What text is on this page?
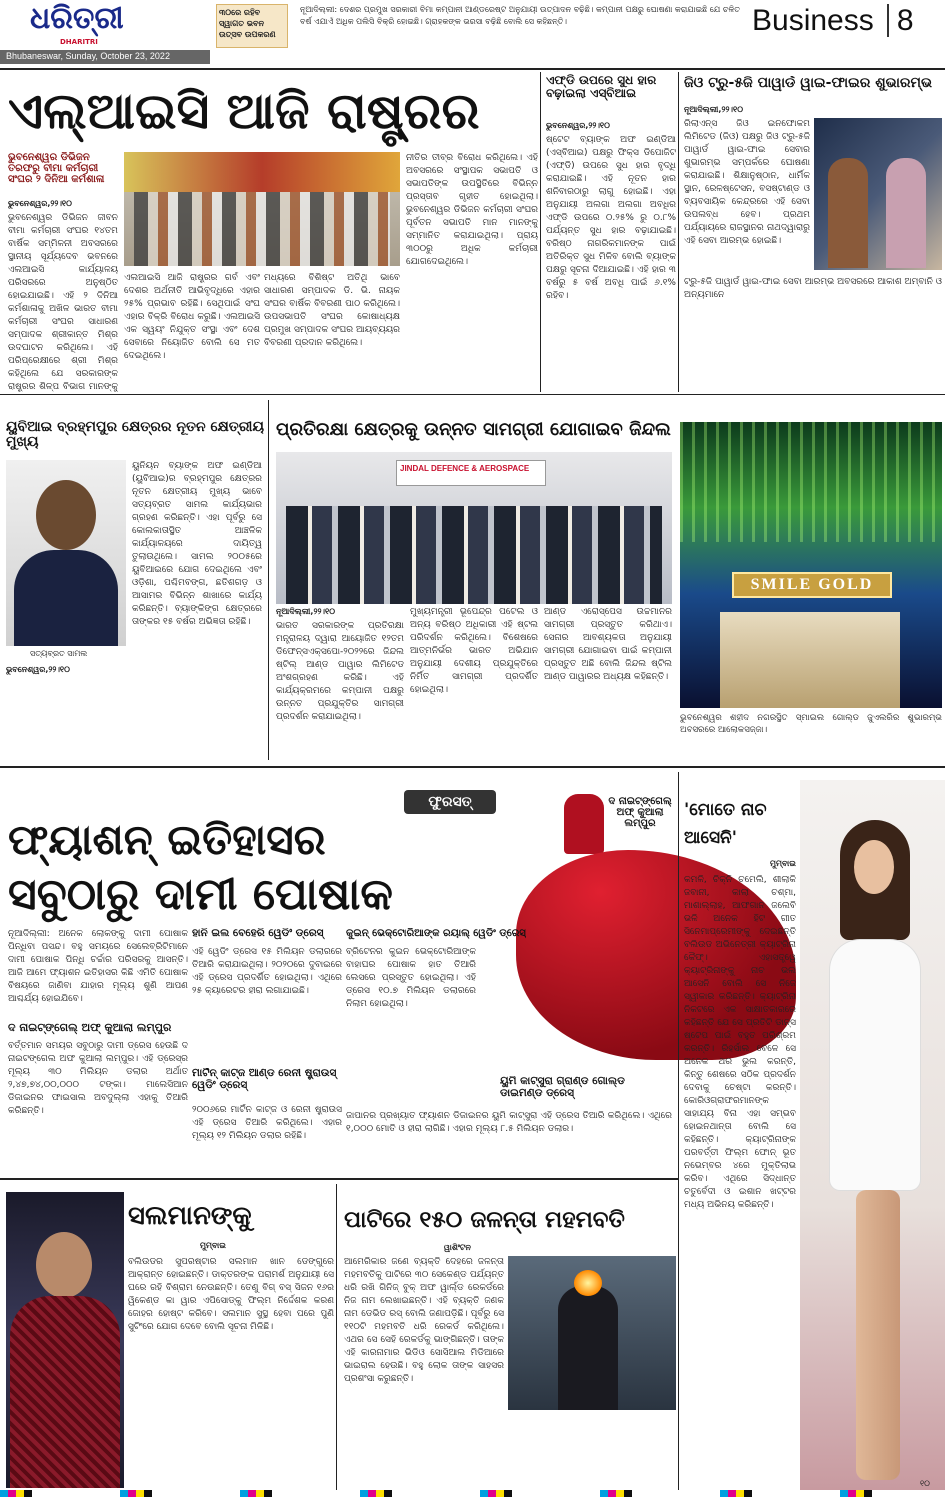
ଧରିତ୍ରୀ
DHARITRI
୩୦ରେ ରହିବ ସ୍ୱାଗତ ଭବନ ଉତ୍ସବ ଉପକରଣ
ନୂଆଦିଲ୍ଲୀ: ଦେଶର ପ୍ରମୁଖ ସରକାରୀ ବିମା କମ୍ପାନୀ ଆଣ୍ଡରେଷ୍ଟ ଅନୁଯାୟୀ ଉତ୍ପାଦନ ବଢ଼ିଛି। କମ୍ପାନୀ ପକ୍ଷରୁ ଘୋଷଣା କରାଯାଇଛି ଯେ ଚଳିତ ବର୍ଷ ଏଯାଏଁ ଅଧିକ ପଲିସି ବିକ୍ରି ହୋଇଛି। ଗ୍ରାହକଙ୍କ ଭରସା ବଢ଼ିଛି ବୋଲି ସେ କହିଛନ୍ତି।
Bhubaneswar, Sunday, October 23, 2022
Business 8
ଏଲ୍ଆଇସି ଆଜି ରାଷ୍ଟ୍ରର
ଭୁବନେଶ୍ୱର ଡିଭିଜନ ତରଫରୁ ବୀମା କର୍ମଚାରୀ ସଂଘର ୨ ଦିନିଆ କର୍ମଶାଳା
ଭୁବନେଶ୍ୱର,୨୨।୧୦
ଭୁବନେଶ୍ୱର ଡିଭିଜନ ଜୀବନ ବୀମା କର୍ମଚାରୀ ସଂଘର ୧୪ତମ ବାର୍ଷିକ ସମ୍ମିଳନୀ ଅବସରରେ ସ୍ଥାନୀୟ ସୂର୍ଯ୍ୟଦେବ ଭବନରେ ଏଲଆଇସି କାର୍ଯ୍ୟାଳୟ ପରିସରରେ ଅନୁଷ୍ଠିତ ହୋଇଯାଇଛି। ଏହି ୨ ଦିନିଆ କର୍ମଶାଳାକୁ ଅଖିଳ ଭାରତ ବୀମା କର୍ମଚାରୀ ସଂଘର ସାଧାରଣ ସମ୍ପାଦକ ଶ୍ରୀକାନ୍ତ ମିଶ୍ର ଉଦଘାଟନ କରିଥିଲେ। ଏହି ପରିପ୍ରେକ୍ଷୀରେ ଶ୍ରୀ ମିଶ୍ର କହିଥିଲେ ଯେ ସରକାରଙ୍କ ରାଷ୍ଟ୍ରର ଶିଳ୍ପ ବିଭାଗ ମାନଙ୍କୁ
ଏଲଆଇସି ଆଜି ରାଷ୍ଟ୍ରର ଗର୍ବ ଏବଂ ଦେଶର ଅର୍ଥନୀତି ଆଭିବୃଦ୍ଧିରେ ଏହାର ୨୫% ପ୍ରଭାବ ରହିଛି। ସେଥିପାଇଁ ସଂଘ ଏହାର ବିକ୍ରି ବିରୋଧ କରୁଛି। ଏଲଆଇସି ଏକ ସ୍ୱୟଂ ନିଯୁକ୍ତ ସଂସ୍ଥା ଏବଂ ଦେଶ ସେବାରେ ନିୟୋଜିତ ବୋଲି ସେ ମତ ଦେଇଥିଲେ।
ମଧ୍ୟରେ ବିଶିଷ୍ଟ ଅତିଥି ଭାବେ ସାଧାରଣ ସମ୍ପାଦକ ଡି. ଭି. ନାୟକ ସଂଘର ବାର୍ଷିକ ବିବରଣୀ ପାଠ କରିଥିଲେ। ଉପସଭାପତି ସଂଘର କୋଷାଧ୍ୟକ୍ଷ ପ୍ରମୁଖ ସମ୍ପାଦକ ସଂଘର ଆୟବ୍ୟୟର ବିବରଣୀ ପ୍ରଦାନ କରିଥିଲେ।
ନୀତିର ତୀବ୍ର ବିରୋଧ କରିଥିଲେ। ଏହି ଅବସରରେ ସଂସ୍ଥାପକ ସଭାପତି ଓ ସଭାପତିଙ୍କ ଉପସ୍ଥିତିରେ ବିଭିନ୍ନ ପ୍ରସ୍ତାବ ଗୃହୀତ ହୋଇଥିଲା। ଭୁବନେଶ୍ୱର ଡିଭିଜନ କର୍ମଚାରୀ ସଂଘର ପୂର୍ବତନ ସଭାପତି ମାନ ମାନଙ୍କୁ ସମ୍ମାନିତ କରାଯାଇଥିଲା। ପ୍ରାୟ ୩୦୦ରୁ ଅଧିକ କର୍ମଚାରୀ ଯୋଗଦେଇଥିଲେ।
ଏଫ୍‌ଡି ଉପରେ ସୁଧ ହାର ବଢ଼ାଇଲା ଏସ୍‌ବିଆଇ
ଭୁବନେଶ୍ୱର,୨୨।୧୦
ଷ୍ଟେଟ ବ୍ୟାଙ୍କ ଅଫ ଇଣ୍ଡିଆ (ଏସ୍‌ବିଆଇ) ପକ୍ଷରୁ ଫିକ୍ସ ଡିପୋଜିଟ (ଏଫ୍‌ଡି) ଉପରେ ସୁଧ ହାର ବୃଦ୍ଧି କରାଯାଇଛି। ଏହି ନୂତନ ହାର ଶନିବାରଠାରୁ ଲାଗୁ ହୋଇଛି। ଏହା ଅନୁଯାୟୀ ଅଲଗା ଅଲଗା ଅବଧିର ଏଫ୍‌ଡି ଉପରେ ୦.୨୫% ରୁ ୦.୮% ପର୍ଯ୍ୟନ୍ତ ସୁଧ ହାର ବଢ଼ାଯାଇଛି। ବରିଷ୍ଠ ନାଗରିକମାନଙ୍କ ପାଇଁ ଅତିରିକ୍ତ ସୁଧ ମିଳିବ ବୋଲି ବ୍ୟାଙ୍କ ପକ୍ଷରୁ ସୂଚନା ଦିଆଯାଇଛି। ଏହି ହାର ୩ ବର୍ଷରୁ ୫ ବର୍ଷ ଅବଧି ପାଇଁ ୬.୧% ରହିବ।
ଜିଓ ଟ୍ରୁ-୫ଜି ପାୱାର୍ଡ ୱାଇ-ଫାଇର ଶୁଭାରମ୍ଭ
ନୂଆଦିଲ୍ଲୀ,୨୨।୧୦
ରିଲାଏନ୍ସ ଜିଓ ଇନଫୋକମ ଲିମିଟେଡ (ଜିଓ) ପକ୍ଷରୁ ଜିଓ ଟ୍ରୁ-୫ଜି ପାୱାର୍ଡ ୱାଇ-ଫାଇ ସେବାର ଶୁଭାରମ୍ଭ ସମ୍ପର୍କରେ ଘୋଷଣା କରାଯାଇଛି। ଶିକ୍ଷାନୁଷ୍ଠାନ, ଧାର୍ମିକ ସ୍ଥାନ, ରେଳଷ୍ଟେସନ, ବସଷ୍ଟାଣ୍ଡ ଓ ବ୍ୟବସାୟିକ କେନ୍ଦ୍ରରେ ଏହି ସେବା ଉପଲବ୍ଧ ହେବ। ପ୍ରଥମ ପର୍ଯ୍ୟାୟରେ ରାଜସ୍ଥାନର ନାଥଦ୍ୱାରାରୁ ଏହି ସେବା ଆରମ୍ଭ ହୋଇଛି।
ଟ୍ରୁ-୫ଜି ପାୱାର୍ଡ ୱାଇ-ଫାଇ ସେବା ଆରମ୍ଭ ଅବସରରେ ଆକାଶ ଅମ୍ବାନି ଓ ଅନ୍ୟମାନେ
ୟୁବିଆଇ ବ୍ରହ୍ମପୁର କ୍ଷେତ୍ରର ନୂତନ କ୍ଷେତ୍ରୀୟ ମୁଖ୍ୟ
ସତ୍ୟବ୍ରତ ସାମଲ
ଭୁବନେଶ୍ୱର,୨୨।୧୦
ୟୁନିୟନ ବ୍ୟାଙ୍କ ଅଫ ଇଣ୍ଡିଆ (ୟୁବିଆଇ)ର ବ୍ରହ୍ମପୁର କ୍ଷେତ୍ରର ନୂତନ କ୍ଷେତ୍ରୀୟ ମୁଖ୍ୟ ଭାବେ ସତ୍ୟବ୍ରତ ସାମଲ କାର୍ଯ୍ୟଭାର ଗ୍ରହଣ କରିଛନ୍ତି। ଏହା ପୂର୍ବରୁ ସେ କୋଲକାତାସ୍ଥିତ ଆଞ୍ଚଳିକ କାର୍ଯ୍ୟାଳୟରେ ଦାୟିତ୍ୱ ତୁଲାଉଥିଲେ। ସାମଲ ୨୦୦୫ରେ ୟୁବିଆଇରେ ଯୋଗ ଦେଇଥିଲେ ଏବଂ ଓଡ଼ିଶା, ପଶ୍ଚିମବଙ୍ଗ, ଛତିଶଗଡ଼ ଓ ଆସାମର ବିଭିନ୍ନ ଶାଖାରେ କାର୍ଯ୍ୟ କରିଛନ୍ତି। ବ୍ୟାଙ୍କିଙ୍ଗ କ୍ଷେତ୍ରରେ ତାଙ୍କର ୧୫ ବର୍ଷର ଅଭିଜ୍ଞତା ରହିଛି।
ପ୍ରତିରକ୍ଷା କ୍ଷେତ୍ରକୁ ଉନ୍ନତ ସାମଗ୍ରୀ ଯୋଗାଇବ ଜିନ୍ଦଲ
JINDAL DEFENCE & AEROSPACE
ନୂଆଦିଲ୍ଲୀ,୨୨।୧୦
ଭାରତ ସରକାରଙ୍କ ପ୍ରତିରକ୍ଷା ମନ୍ତ୍ରାଳୟ ଦ୍ୱାରା ଆୟୋଜିତ ୧୨ତମ ଡିଫେନ୍ସଏକ୍ସପୋ-୨୦୨୨ରେ ଜିନ୍ଦଲ ଷ୍ଟିଲ୍ ଆଣ୍ଡ ପାୱାର ଲିମିଟେଡ ଅଂଶଗ୍ରହଣ କରିଛି। ଏହି କାର୍ଯ୍ୟକ୍ରମରେ କମ୍ପାନୀ ପକ୍ଷରୁ ଉନ୍ନତ ପ୍ରଯୁକ୍ତିର ସାମଗ୍ରୀ ପ୍ରଦର୍ଶନ କରାଯାଇଥିଲା।
ମୁଖ୍ୟମନ୍ତ୍ରୀ ଭୂପେନ୍ଦ୍ର ପଟେଲ ଓ ଅନ୍ୟ ବରିଷ୍ଠ ଅଧିକାରୀ ଏହି ଷ୍ଟଲ ପରିଦର୍ଶନ କରିଥିଲେ। ବିଶେଷରେ ଆତ୍ମନିର୍ଭର ଭାରତ ଅଭିଯାନ ଅନୁଯାୟୀ ଦେଶୀୟ ପ୍ରଯୁକ୍ତିରେ ନିର୍ମିତ ସାମଗ୍ରୀ ପ୍ରଦର୍ଶିତ ହୋଇଥିଲା।
ଆଣ୍ଡ ଏରୋସ୍ପେସ ଉଚ୍ଚମାନର ସାମଗ୍ରୀ ପ୍ରସ୍ତୁତ କରିଥାଏ। ସେନାର ଆବଶ୍ୟକତା ଅନୁଯାୟୀ ସାମଗ୍ରୀ ଯୋଗାଇବା ପାଇଁ କମ୍ପାନୀ ପ୍ରସ୍ତୁତ ଅଛି ବୋଲି ଜିନ୍ଦଲ ଷ୍ଟିଲ ଆଣ୍ଡ ପାୱାରର ଅଧ୍ୟକ୍ଷ କହିଛନ୍ତି।
SMILE GOLD
ଭୁବନେଶ୍ୱର ଶହୀଦ ନଗରସ୍ଥିତ ସ୍ମାଇଲ ଗୋଲ୍ଡ ଜୁଏଲରିର ଶୁଭାରମ୍ଭ ଅବସରରେ ଆଲୋକସଜ୍ଜା।
ଫୁରସତ୍
ଫ୍ୟାଶନ୍ ଇତିହାସର
ସବୁଠାରୁ ଦାମୀ ପୋଷାକ
ଦ ନାଇଟ୍‌ଙ୍ଗେଲ୍ ଅଫ୍ କୁଆଲା ଲମ୍ପୁର
ନୂଆଦିଲ୍ଲୀ: ଅନେକ ଲୋକଙ୍କୁ ଦାମୀ ପୋଷାକ ପିନ୍ଧିବା ପସନ୍ଦ। ବହୁ ସମୟରେ ସେଲେବ୍ରିଟିମାନେ ଦାମୀ ପୋଷାକ ପିନ୍ଧି ଚର୍ଚ୍ଚାର ପରିସରକୁ ଆସନ୍ତି। ଆଜି ଆମେ ଫ୍ୟାଶନ ଇତିହାସର କିଛି ଏମିତି ପୋଷାକ ବିଷୟରେ ଜାଣିବା ଯାହାର ମୂଲ୍ୟ ଶୁଣି ଆପଣ ଆଶ୍ଚର୍ଯ୍ୟ ହୋଇଯିବେ।
ଦ ନାଇଟ୍‌ଙ୍ଗେଲ୍ ଅଫ୍ କୁଆଲା ଲମ୍ପୁର
ବର୍ତ୍ତମାନ ସମୟର ସବୁଠାରୁ ଦାମୀ ଡ୍ରେସ ହେଉଛି ଦ ନାଇଟଙ୍ଗେଲ ଅଫ କୁଆଲା ଲମ୍ପୁର। ଏହି ଡ୍ରେସ୍‌ର ମୂଲ୍ୟ ୩୦ ମିଲିୟନ ଡଲାର ଅର୍ଥାତ ୨,୪୭,୭୪,୦୦,୦୦୦ ଟଙ୍କା। ମାଲେସିଆନ ଡିଜାଇନର ଫାଇସାଲ ଅବଦୁଲ୍ଲା ଏହାକୁ ତିଆରି କରିଛନ୍ତି।
ହାନି ଇଲ ବେହେରି ୱେଡିଂ ଡ୍ରେସ୍
ଏହି ୱେଡିଂ ଡ୍ରେସ ୧୫ ମିଲିୟନ ଡଲାରରେ ତିଆରି କରାଯାଇଥିଲା। ୨୦୨୦ରେ ଦୁବାଇରେ ଏହି ଡ୍ରେସ ପ୍ରଦର୍ଶିତ ହୋଇଥିଲା। ଏଥିରେ ୨୫ କ୍ୟାରେଟର ହୀରା ଲଗାଯାଇଛି।
ମାର୍ଟିନ୍ କାଟ୍ଜ ଆଣ୍ଡ ରେନୀ ଷ୍ଟ୍ରାଉସ୍ ୱେଡିଂ ଡ୍ରେସ୍
୨୦୦୬ରେ ମାର୍ଟିନ କାଟ୍ଜ ଓ ରେନୀ ଷ୍ଟ୍ରାଉସ ଏହି ଡ୍ରେସ ତିଆରି କରିଥିଲେ। ଏହାର ମୂଲ୍ୟ ୧୨ ମିଲିୟନ ଡଲାର ରହିଛି।
କୁଇନ୍ ଭେକ୍ଟୋରିଆଙ୍କ ରୟାଲ୍ ୱେଡିଂ ଡ୍ରେସ୍
ବ୍ରିଟେନର କୁଇନ ଭେକ୍ଟୋରିଆଙ୍କ ବାହାଘର ପୋଷାକ ହାତ ତିଆରି ଲେସରେ ପ୍ରସ୍ତୁତ ହୋଇଥିଲା। ଏହି ଡ୍ରେସ ୧୦.୭ ମିଲିୟନ ଡଲାରରେ ନିଲାମ ହୋଇଥିଲା।
ୟୁମି କାଟ୍ସୁରା ଗ୍ରାଣ୍ଡ ଗୋଲ୍ଡ ଡାଇମଣ୍ଡ ଡ୍ରେସ୍
ଜାପାନର ପ୍ରଖ୍ୟାତ ଫ୍ୟାଶନ ଡିଜାଇନର ୟୁମି କାଟ୍ସୁରା ଏହି ଡ୍ରେସ ତିଆରି କରିଥିଲେ। ଏଥିରେ ୧,୦୦୦ ମୋତି ଓ ହୀରା ଲାଗିଛି। ଏହାର ମୂଲ୍ୟ ୮.୫ ମିଲିୟନ ଡଲାର।
'ମୋତେ ନାଚ ଆସେନି'
ମୁମ୍ବାଇ
କମଳି, ଚିକ୍‌ନି ଚମେଲି, ଶୀଲାକି ଜବାନୀ, କାଲା ଚଶ୍ମା, ମାଶାଲ୍ଲାହ, ଆଫଗାନ ଜଲେବି ଭଳି ଅନେକ ହିଟ ଗୀତ ସିନେମାପ୍ରେମୀଙ୍କୁ ଦେଇଛନ୍ତି ବଲିଉଡ ଅଭିନେତ୍ରୀ କ୍ୟାଟ୍ରିନା କୈଫ୍। ଏହାସତ୍ତ୍ୱେ କ୍ୟାଟ୍ରିନାଙ୍କୁ ନାଚ ଭଲ ଆସେନି ବୋଲି ସେ ନିଜେ ସ୍ୱୀକାର କରିଛନ୍ତି। କ୍ୟାଟ୍ରିନା ନିକଟରେ ଏକ ସାକ୍ଷାତକାରରେ କହିଛନ୍ତି ଯେ ସେ ପ୍ରତିଟି ଡାନ୍ସ ଷ୍ଟେପ ପାଇଁ ବହୁତ ପରିଶ୍ରମ କରନ୍ତି। ରିହର୍ସାଲ ବେଳେ ସେ ଅନେକ ଥର ଭୁଲ କରନ୍ତି, କିନ୍ତୁ ଶେଷରେ ସଠିକ ପ୍ରଦର୍ଶନ ଦେବାକୁ ଚେଷ୍ଟା କରନ୍ତି। କୋରିଓଗ୍ରାଫରମାନଙ୍କ ସାହାଯ୍ୟ ବିନା ଏହା ସମ୍ଭବ ହୋଇନଥାନ୍ତା ବୋଲି ସେ କହିଛନ୍ତି। କ୍ୟାଟ୍ରିନାଙ୍କ ପରବର୍ତ୍ତୀ ଫିଲ୍ମ ଫୋନ୍ ଭୂତ ନଭେମ୍ବର ୪ରେ ମୁକ୍ତିଲାଭ କରିବ। ଏଥିରେ ସିଦ୍ଧାନ୍ତ ଚତୁର୍ବେଦୀ ଓ ଇଶାନ ଖଟ୍ଟର ମଧ୍ୟ ଅଭିନୟ କରିଛନ୍ତି।
ସଲମାନଙ୍କୁ
ମୁମ୍ବାଇ
ବଲିଉଡର ସୁପରଷ୍ଟାର ସଲମାନ ଖାନ ଡେଙ୍ଗୁରେ ଆକ୍ରାନ୍ତ ହୋଇଛନ୍ତି। ଡାକ୍ତରଙ୍କ ପରାମର୍ଶ ଅନୁଯାୟୀ ସେ ଘରେ ରହି ବିଶ୍ରାମ ନେଉଛନ୍ତି। ତେଣୁ ବିଗ୍ ବସ୍ ସିଜନ ୧୬ର ୱିକେଣ୍ଡ କା ୱାର ଏପିସୋଡ୍‌କୁ ଫିଲ୍ମ ନିର୍ଦ୍ଦେଶକ କରଣ ଜୋହର ହୋଷ୍ଟ କରିବେ। ସଲମାନ ସୁସ୍ଥ ହେବା ପରେ ପୁଣି ସୁଟିଂରେ ଯୋଗ ଦେବେ ବୋଲି ସୂଚନା ମିଳିଛି।
ପାଟିରେ ୧୫୦ ଜଳନ୍ତା ମହମବତି
ୱାଶିଂଟନ
ଆମେରିକାର ଜଣେ ବ୍ୟକ୍ତି ଦେହରେ ଜଳନ୍ତା ମହମବତିକୁ ପାଟିରେ ୩୦ ସେକେଣ୍ଡ ପର୍ଯ୍ୟନ୍ତ ଧରି ରଖି ଗିନିଜ୍ ବୁକ୍ ଅଫ ୱାର୍ଲ୍ଡ ରେକର୍ଡରେ ନିଜ ନାମ ଲେଖାଇଛନ୍ତି। ଏହି ବ୍ୟକ୍ତି ଜଣକ ନାମ ଡେଭିଡ ରସ୍ ବୋଲି ଜଣାପଡ଼ିଛି। ପୂର୍ବରୁ ସେ ୧୧୦ଟି ମହମବତି ଧରି ରେକର୍ଡ କରିଥିଲେ। ଏଥର ସେ ସେହି ରେକର୍ଡକୁ ଭାଙ୍ଗିଛନ୍ତି। ତାଙ୍କ ଏହି କାରନାମାର ଭିଡିଓ ସୋସିଆଲ ମିଡିଆରେ ଭାଇରାଲ ହେଉଛି। ବହୁ ଲୋକ ତାଙ୍କ ସାହସର ପ୍ରଶଂସା କରୁଛନ୍ତି।
୧୦
